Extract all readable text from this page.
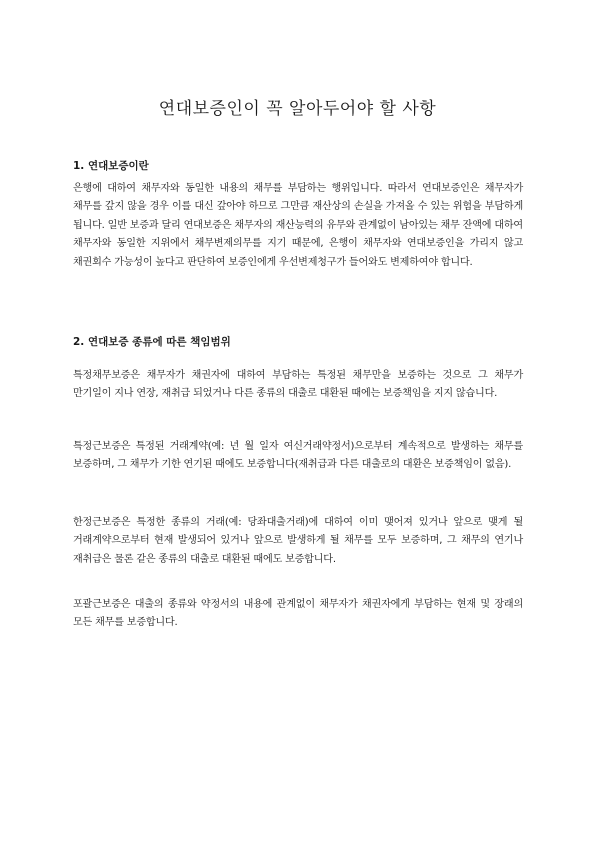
연대보증인이 꼭 알아두어야 할 사항
1. 연대보증이란

은행에 대하여 채무자와 동일한 내용의 채무를 부담하는 행위입니다. 따라서 연대보증인은 채무자가 채무를 갚지 않을 경우 이를 대신 갚아야 하므로 그만큼 재산상의 손실을 가져올 수 있는 위험을 부담하게 됩니다. 일반 보증과 달리 연대보증은 채무자의 재산능력의 유무와 관계없이 남아있는 채무 잔액에 대하여 채무자와 동일한 지위에서 채무변제의무를 지기 때문에, 은행이 채무자와 연대보증인을 가리지 않고 채권회수 가능성이 높다고 판단하여 보증인에게 우선변제청구가 들어와도 변제하여야 합니다.

2. 연대보증 종류에 따른 책임범위

특정채무보증은 채무자가 채권자에 대하여 부담하는 특정된 채무만을 보증하는 것으로 그 채무가 만기일이 지나 연장, 재취급 되었거나 다른 종류의 대출로 대환된 때에는 보증책임을 지지 않습니다.

특정근보증은 특정된 거래계약(예: 년 월 일자 여신거래약정서)으로부터 계속적으로 발생하는 채무를 보증하며, 그 채무가 기한 연기된 때에도 보증합니다(재취급과 다른 대출로의 대환은 보증책임이 없음).

한정근보증은 특정한 종류의 거래(예: 당좌대출거래)에 대하여 이미 맺어져 있거나 앞으로 맺게 될 거래계약으로부터 현재 발생되어 있거나 앞으로 발생하게 될 채무를 모두 보증하며, 그 채무의 연기나 재취급은 물론 같은 종류의 대출로 대환된 때에도 보증합니다.

포괄근보증은 대출의 종류와 약정서의 내용에 관계없이 채무자가 채권자에게 부담하는 현재 및 장래의 모든 채무를 보증합니다.
